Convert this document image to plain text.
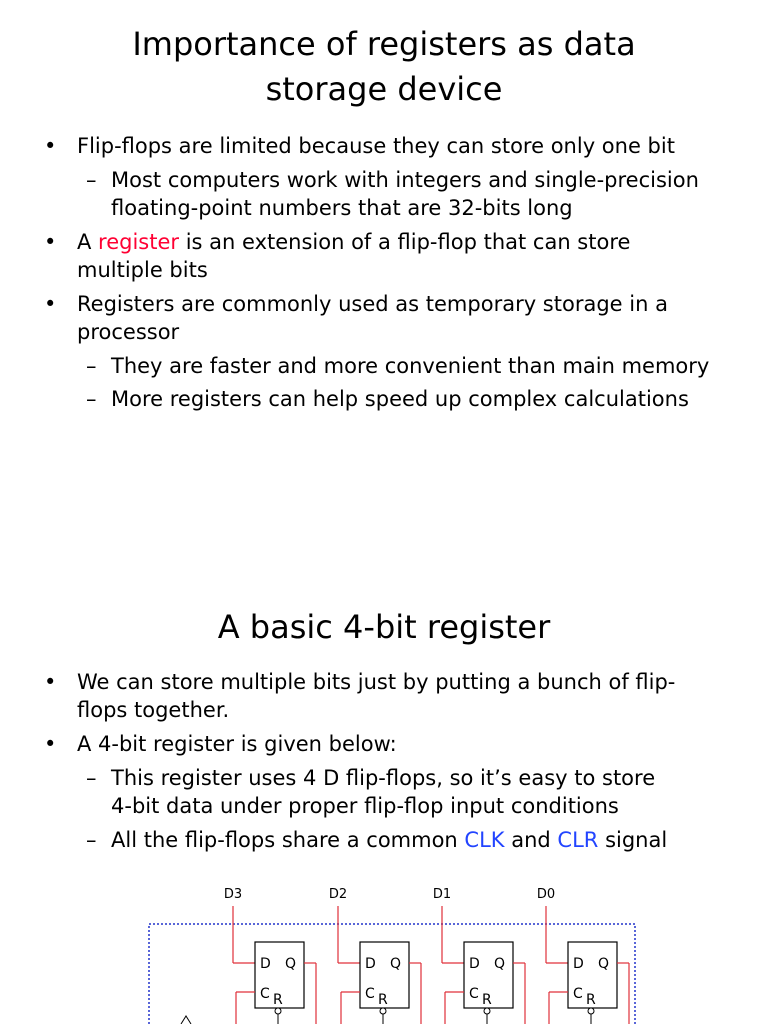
Importance of registers as data
storage device
• Flip-flops are limited because they can store only one bit
– Most computers work with integers and single-precision
floating-point numbers that are 32-bits long
• A register is an extension of a flip-flop that can store
multiple bits
• Registers are commonly used as temporary storage in a
processor
– They are faster and more convenient than main memory
– More registers can help speed up complex calculations
A basic 4-bit register
• We can store multiple bits just by putting a bunch of flip-
flops together.
• A 4-bit register is given below:
– This register uses 4 D flip-flops, so it’s easy to store
4-bit data under proper flip-flop input conditions
– All the flip-flops share a common CLK and CLR signal
D3
D Q
C R
D2
D Q
C R
D1
D Q
C R
D0
D Q
C R
